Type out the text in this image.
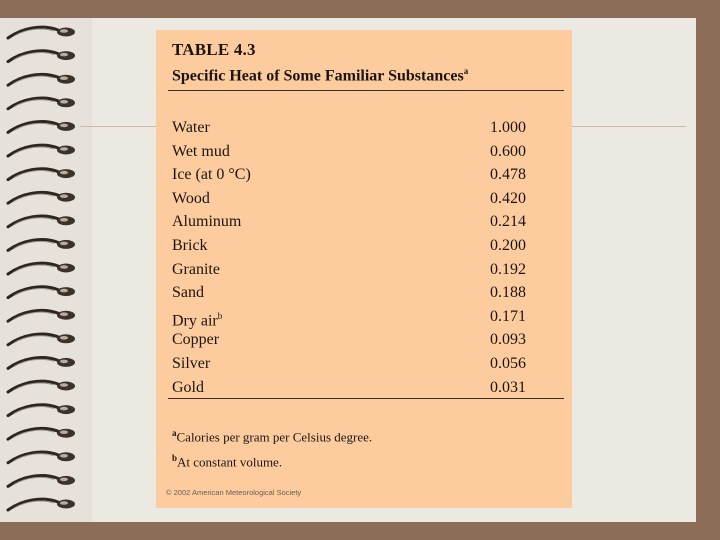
TABLE 4.3
Specific Heat of Some Familiar Substances$^a$
Water	1.000
Wet mud	0.600
Ice (at 0 °C)	0.478
Wood	0.420
Aluminum	0.214
Brick	0.200
Granite	0.192
Sand	0.188
Dry air$^b$	0.171
Copper	0.093
Silver	0.056
Gold	0.031
$^a$Calories per gram per Celsius degree.
$^b$At constant volume.
© 2002 American Meteorological Society
